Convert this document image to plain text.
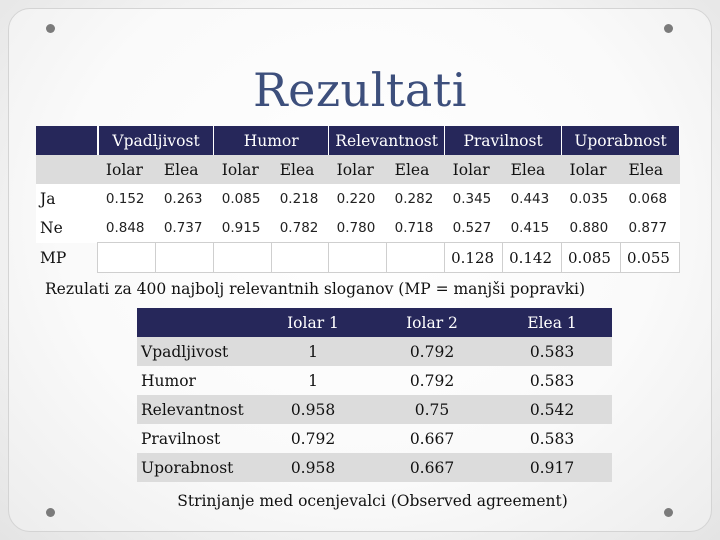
Rezultati
	Vpadljivost		Humor		Relevantnost		Pravilnost		Uporabnost	
	Iolar	Elea	Iolar	Elea	Iolar	Elea	Iolar	Elea	Iolar	Elea
Ja	0.152	0.263	0.085	0.218	0.220	0.282	0.345	0.443	0.035	0.068
Ne	0.848	0.737	0.915	0.782	0.780	0.718	0.527	0.415	0.880	0.877
MP							0.128	0.142	0.085	0.055
Rezulati za 400 najbolj relevantnih sloganov (MP = manjši popravki)
	Iolar 1	Iolar 2	Elea 1
Vpadljivost	1	0.792	0.583
Humor	1	0.792	0.583
Relevantnost	0.958	0.75	0.542
Pravilnost	0.792	0.667	0.583
Uporabnost	0.958	0.667	0.917
Strinjanje med ocenjevalci (Observed agreement)
